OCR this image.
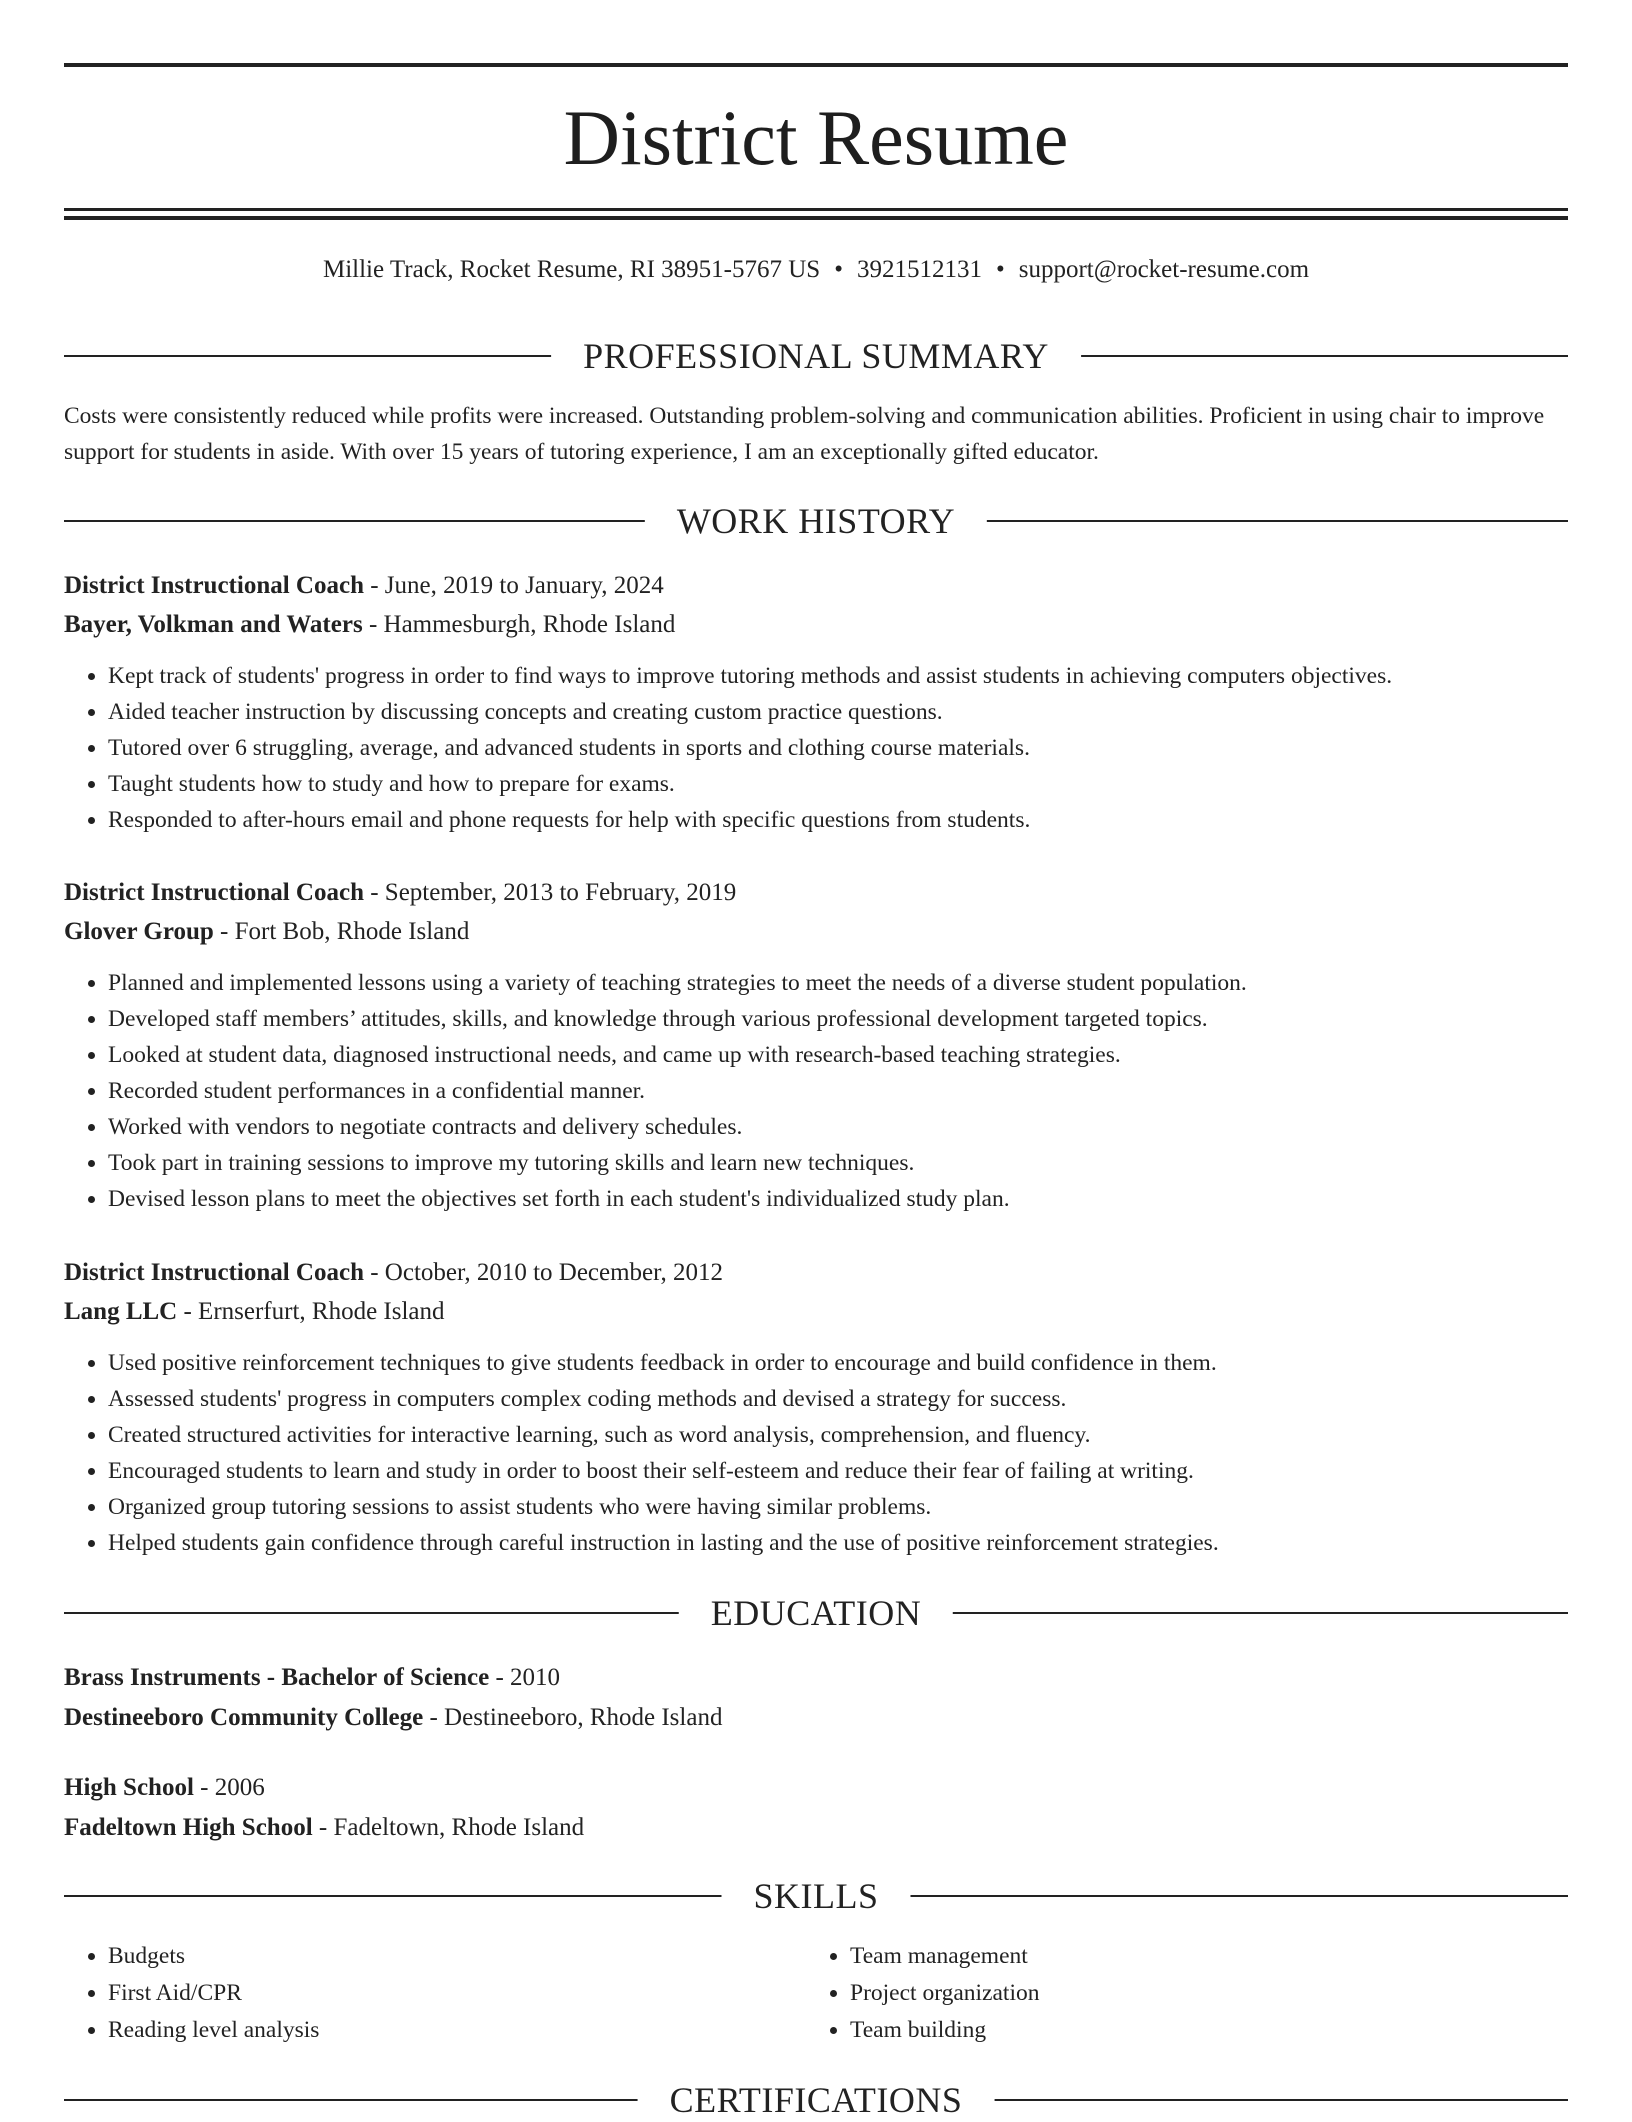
District Resume
Millie Track, Rocket Resume, RI 38951-5767 US • 3921512131 • support@rocket-resume.com
PROFESSIONAL SUMMARY

Costs were consistently reduced while profits were increased. Outstanding problem-solving and communication abilities. Proficient in using chair to improve support for students in aside. With over 15 years of tutoring experience, I am an exceptionally gifted educator.

WORK HISTORY

District Instructional Coach - June, 2019 to January, 2024

Bayer, Volkman and Waters - Hammesburgh, Rhode Island

• Kept track of students' progress in order to find ways to improve tutoring methods and assist students in achieving computers objectives.
• Aided teacher instruction by discussing concepts and creating custom practice questions.
• Tutored over 6 struggling, average, and advanced students in sports and clothing course materials.
• Taught students how to study and how to prepare for exams.
• Responded to after-hours email and phone requests for help with specific questions from students.

District Instructional Coach - September, 2013 to February, 2019

Glover Group - Fort Bob, Rhode Island

• Planned and implemented lessons using a variety of teaching strategies to meet the needs of a diverse student population.
• Developed staff members’ attitudes, skills, and knowledge through various professional development targeted topics.
• Looked at student data, diagnosed instructional needs, and came up with research-based teaching strategies.
• Recorded student performances in a confidential manner.
• Worked with vendors to negotiate contracts and delivery schedules.
• Took part in training sessions to improve my tutoring skills and learn new techniques.
• Devised lesson plans to meet the objectives set forth in each student's individualized study plan.

District Instructional Coach - October, 2010 to December, 2012

Lang LLC - Ernserfurt, Rhode Island

• Used positive reinforcement techniques to give students feedback in order to encourage and build confidence in them.
• Assessed students' progress in computers complex coding methods and devised a strategy for success.
• Created structured activities for interactive learning, such as word analysis, comprehension, and fluency.
• Encouraged students to learn and study in order to boost their self-esteem and reduce their fear of failing at writing.
• Organized group tutoring sessions to assist students who were having similar problems.
• Helped students gain confidence through careful instruction in lasting and the use of positive reinforcement strategies.
EDUCATION

Brass Instruments - Bachelor of Science - 2010

Destineeboro Community College - Destineeboro, Rhode Island

High School - 2006

Fadeltown High School - Fadeltown, Rhode Island

SKILLS
• Budgets
• First Aid/CPR
• Reading level analysis
• Team management
• Project organization
• Team building
CERTIFICATIONS
